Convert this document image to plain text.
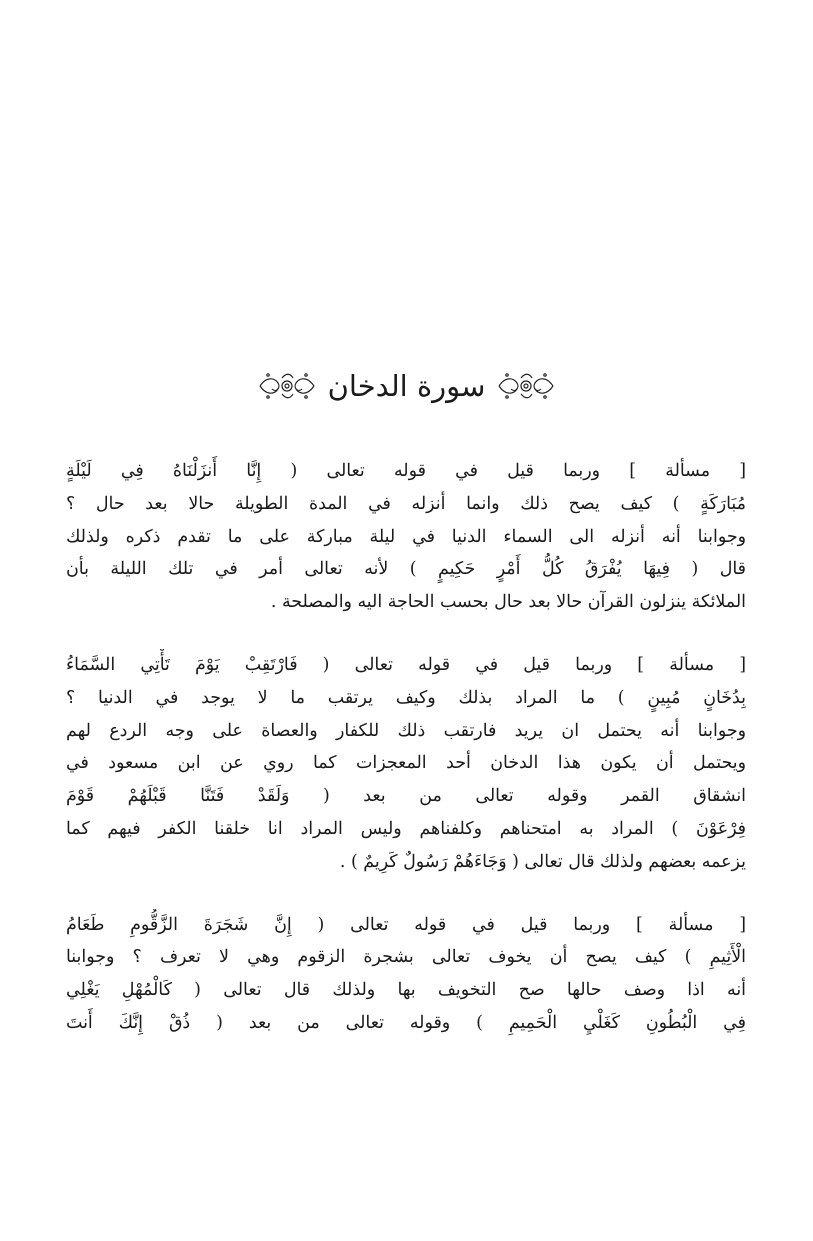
سورة الدخان
[ مسألة ] وربما قيل في قوله تعالى ( إِنَّا أَنزَلْنَاهُ فِي لَيْلَةٍ
مُبَارَكَةٍ ) كيف يصح ذلك وانما أنزله في المدة الطويلة حالا بعد حال ؟
وجوابنا أنه أنزله الى السماء الدنيا في ليلة مباركة على ما تقدم ذكره ولذلك
قال ( فِيهَا يُفْرَقُ كُلُّ أَمْرٍ حَكِيمٍ ) لأنه تعالى أمر في تلك الليلة بأن
الملائكة ينزلون القرآن حالا بعد حال بحسب الحاجة اليه والمصلحة .
[ مسألة ] وربما قيل في قوله تعالى ( فَارْتَقِبْ يَوْمَ تَأْتِي السَّمَاءُ
بِدُخَانٍ مُبِينٍ ) ما المراد بذلك وكيف يرتقب ما لا يوجد في الدنيا ؟
وجوابنا أنه يحتمل ان يريد فارتقب ذلك للكفار والعصاة على وجه الردع لهم
ويحتمل أن يكون هذا الدخان أحد المعجزات كما روي عن ابن مسعود في
انشقاق القمر وقوله تعالى من بعد ( وَلَقَدْ فَتَنَّا قَبْلَهُمْ قَوْمَ
فِرْعَوْنَ ) المراد به امتحناهم وكلفناهم وليس المراد انا خلقنا الكفر فيهم كما
يزعمه بعضهم ولذلك قال تعالى ( وَجَاءَهُمْ رَسُولٌ كَرِيمٌ ) .
[ مسألة ] وربما قيل في قوله تعالى ( إِنَّ شَجَرَةَ الزَّقُّومِ طَعَامُ
الْأَثِيمِ ) كيف يصح أن يخوف تعالى بشجرة الزقوم وهي لا تعرف ؟ وجوابنا
أنه اذا وصف حالها صح التخويف بها ولذلك قال تعالى ( كَالْمُهْلِ يَغْلِي
فِي الْبُطُونِ كَغَلْيِ الْحَمِيمِ ) وقوله تعالى من بعد ( ذُقْ إِنَّكَ أَنتَ
